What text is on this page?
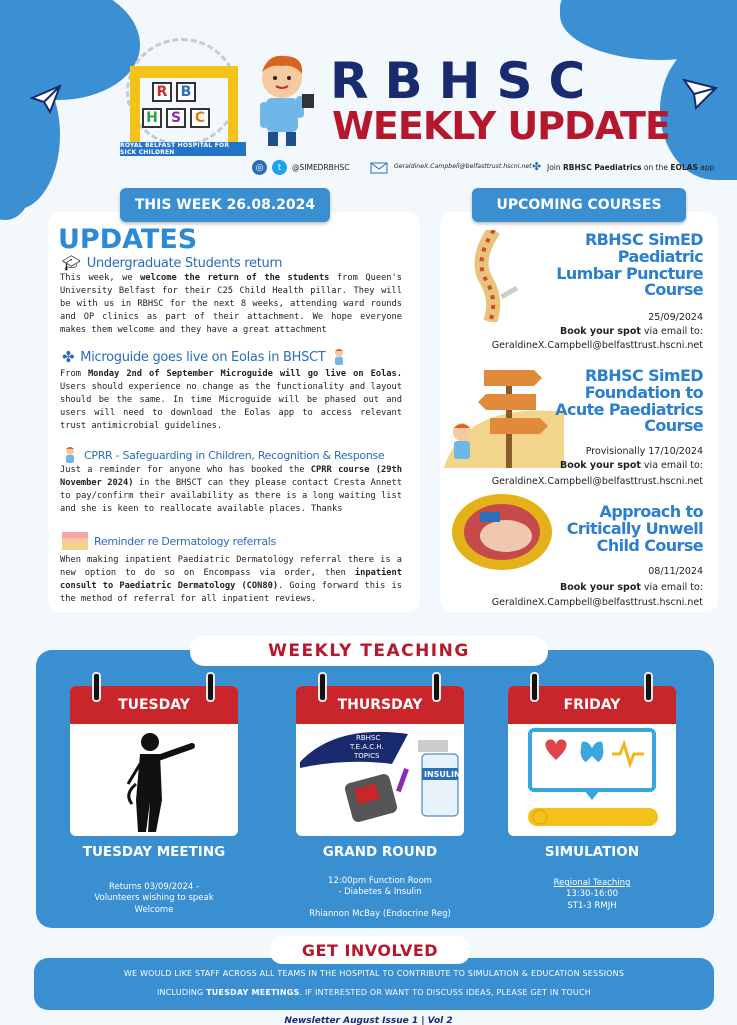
R B
H S C
ROYAL BELFAST HOSPITAL FOR SICK CHILDREN
RBHSC
WEEKLY UPDATE
◎	t	@SIMEDRBHSC	GeraldineX.Campbell@belfasttrust.hscni.net ✤ Join RBHSC Paediatrics on the EOLAS app
THIS WEEK 26.08.2024	UPCOMING COURSES
UPDATES
🎓︎ Undergraduate Students return
This week, we welcome the return of the students from Queen's University Belfast for their C25 Child Health pillar. They will be with us in RBHSC for the next 8 weeks, attending ward rounds and OP clinics as part of their attachment. We hope everyone makes them welcome and they have a great attachment
✤ Microguide goes live on Eolas in BHSCT
From Monday 2nd of September Microguide will go live on Eolas. Users should experience no change as the functionality and layout should be the same. In time Microguide will be phased out and users will need to download the Eolas app to access relevant trust antimicrobial guidelines.
CPRR - Safeguarding in Children, Recognition & Response
Just a reminder for anyone who has booked the CPRR course (29th November 2024) in the BHSCT can they please contact Cresta Annett to pay/confirm their availability as there is a long waiting list and she is keen to reallocate available places. Thanks
Reminder re Dermatology referrals
When making inpatient Paediatric Dermatology referral there is a new option to do so on Encompass via order, then inpatient consult to Paediatric Dermatology (CON80). Going forward this is the method of referral for all inpatient reviews.
RBHSC SimED
Paediatric
Lumbar Puncture
Course
25/09/2024
Book your spot via email to:
GeraldineX.Campbell@belfasttrust.hscni.net
RBHSC SimED
Foundation to
Acute Paediatrics
Course
Provisionally 17/10/2024
Book your spot via email to:
GeraldineX.Campbell@belfasttrust.hscni.net
Approach to
Critically Unwell
Child Course
08/11/2024
Book your spot via email to:
GeraldineX.Campbell@belfasttrust.hscni.net
WEEKLY TEACHING
TUESDAY
TUESDAY MEETING
Returns 03/09/2024 -
Volunteers wishing to speak
Welcome
THURSDAY
RBHSC
T.E.A.C.H.
TOPICS
INSULIN
GRAND ROUND
12:00pm Function Room
- Diabetes & Insulin
Rhiannon McBay (Endocrine Reg)
FRIDAY
SIMULATION
Regional Teaching
13:30-16:00
ST1-3 RMJH
GET INVOLVED
WE WOULD LIKE STAFF ACROSS ALL TEAMS IN THE HOSPITAL TO CONTRIBUTE TO SIMULATION & EDUCATION SESSIONS
INCLUDING TUESDAY MEETINGS. IF INTERESTED OR WANT TO DISCUSS IDEAS, PLEASE GET IN TOUCH
Newsletter August Issue 1 | Vol 2
